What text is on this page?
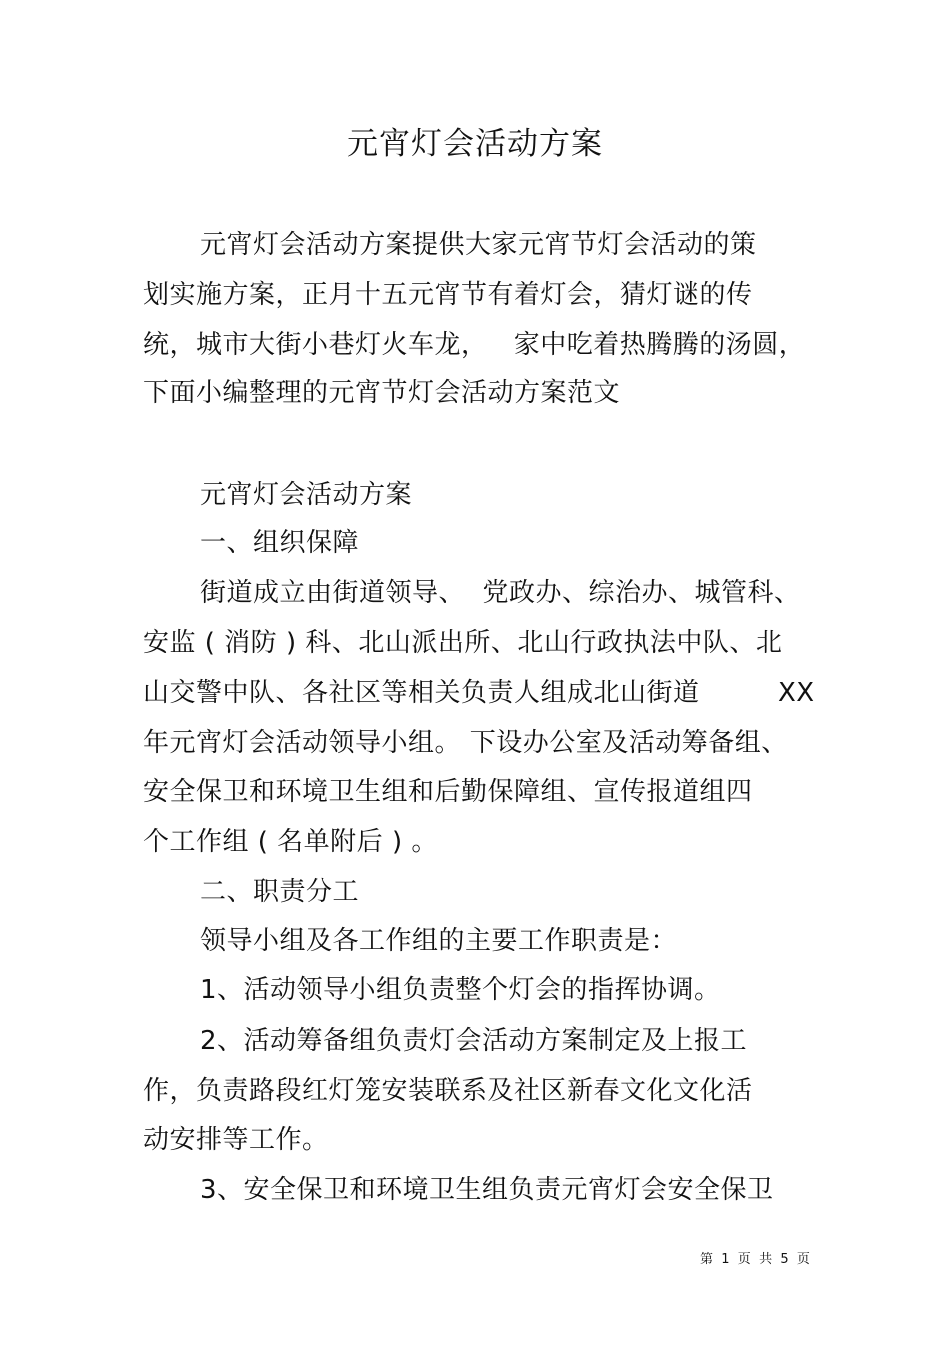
元宵灯会活动方案
元宵灯会活动方案提供大家元宵节灯会活动的策
划实施方案，正月十五元宵节有着灯会，猜灯谜的传
统，城市大街小巷灯火车龙，   家中吃着热腾腾的汤圆，
下面小编整理的元宵节灯会活动方案范文
元宵灯会活动方案
一、组织保障
街道成立由街道领导、  党政办、综治办、城管科、
安监 ( 消防 ) 科、北山派出所、北山行政执法中队、北
山交警中队、各社区等相关负责人组成北山街道	XX
年元宵灯会活动领导小组。 下设办公室及活动筹备组、
安全保卫和环境卫生组和后勤保障组、宣传报道组四
个工作组 ( 名单附后 ) 。
二、职责分工
领导小组及各工作组的主要工作职责是：
1、活动领导小组负责整个灯会的指挥协调。
2、活动筹备组负责灯会活动方案制定及上报工
作，负责路段红灯笼安装联系及社区新春文化文化活
动安排等工作。
3、安全保卫和环境卫生组负责元宵灯会安全保卫
第  1  页  共  5  页
